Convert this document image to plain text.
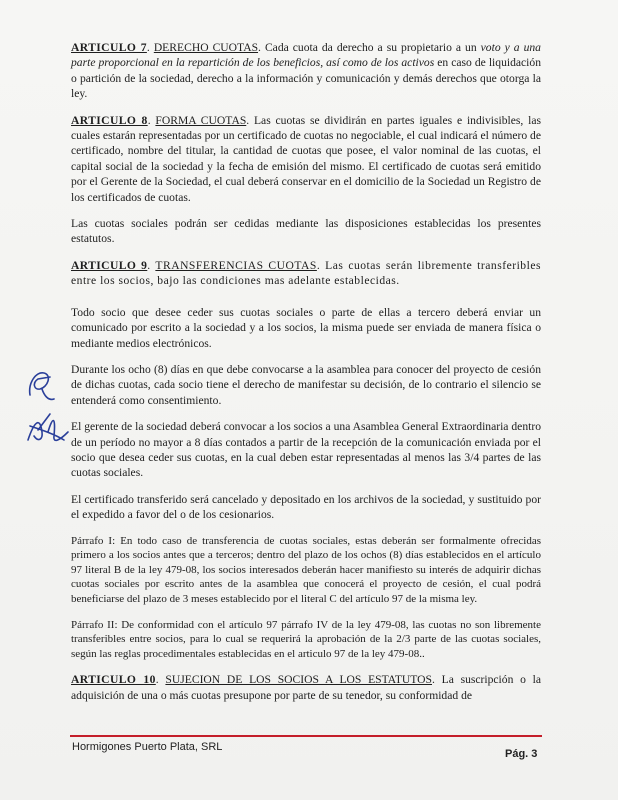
ARTICULO 7. DERECHO CUOTAS. Cada cuota da derecho a su propietario a un voto y a una parte proporcional en la repartición de los beneficios, así como de los activos en caso de liquidación o partición de la sociedad, derecho a la información y comunicación y demás derechos que otorga la ley.

ARTICULO 8. FORMA CUOTAS. Las cuotas se dividirán en partes iguales e indivisibles, las cuales estarán representadas por un certificado de cuotas no negociable, el cual indicará el número de certificado, nombre del titular, la cantidad de cuotas que posee, el valor nominal de las cuotas, el capital social de la sociedad y la fecha de emisión del mismo. El certificado de cuotas será emitido por el Gerente de la Sociedad, el cual deberá conservar en el domicilio de la Sociedad un Registro de los certificados de cuotas.

Las cuotas sociales podrán ser cedidas mediante las disposiciones establecidas los presentes estatutos.

ARTICULO 9. TRANSFERENCIAS CUOTAS. Las cuotas serán libremente transferibles entre los socios, bajo las condiciones mas adelante establecidas.

Todo socio que desee ceder sus cuotas sociales o parte de ellas a tercero deberá enviar un comunicado por escrito a la sociedad y a los socios, la misma puede ser enviada de manera física o mediante medios electrónicos.

Durante los ocho (8) días en que debe convocarse a la asamblea para conocer del proyecto de cesión de dichas cuotas, cada socio tiene el derecho de manifestar su decisión, de lo contrario el silencio se entenderá como consentimiento.

El gerente de la sociedad deberá convocar a los socios a una Asamblea General Extraordinaria dentro de un período no mayor a 8 días contados a partir de la recepción de la comunicación enviada por el socio que desea ceder sus cuotas, en la cual deben estar representadas al menos las 3/4 partes de las cuotas sociales.

El certificado transferido será cancelado y depositado en los archivos de la sociedad, y sustituido por el expedido a favor del o de los cesionarios.

Párrafo I: En todo caso de transferencia de cuotas sociales, estas deberán ser formalmente ofrecidas primero a los socios antes que a terceros; dentro del plazo de los ochos (8) días establecidos en el artículo 97 literal B de la ley 479-08, los socios interesados deberán hacer manifiesto su interés de adquirir dichas cuotas sociales por escrito antes de la asamblea que conocerá el proyecto de cesión, el cual podrá beneficiarse del plazo de 3 meses establecido por el literal C del artículo 97 de la misma ley.

Párrafo II: De conformidad con el artículo 97 párrafo IV de la ley 479-08, las cuotas no son libremente transferibles entre socios, para lo cual se requerirá la aprobación de la 2/3 parte de las cuotas sociales, según las reglas procedimentales establecidas en el articulo 97 de la ley 479-08..

ARTICULO 10. SUJECION DE LOS SOCIOS A LOS ESTATUTOS. La suscripción o la adquisición de una o más cuotas presupone por parte de su tenedor, su conformidad de

Hormigones Puerto Plata, SRL
Pág. 3
